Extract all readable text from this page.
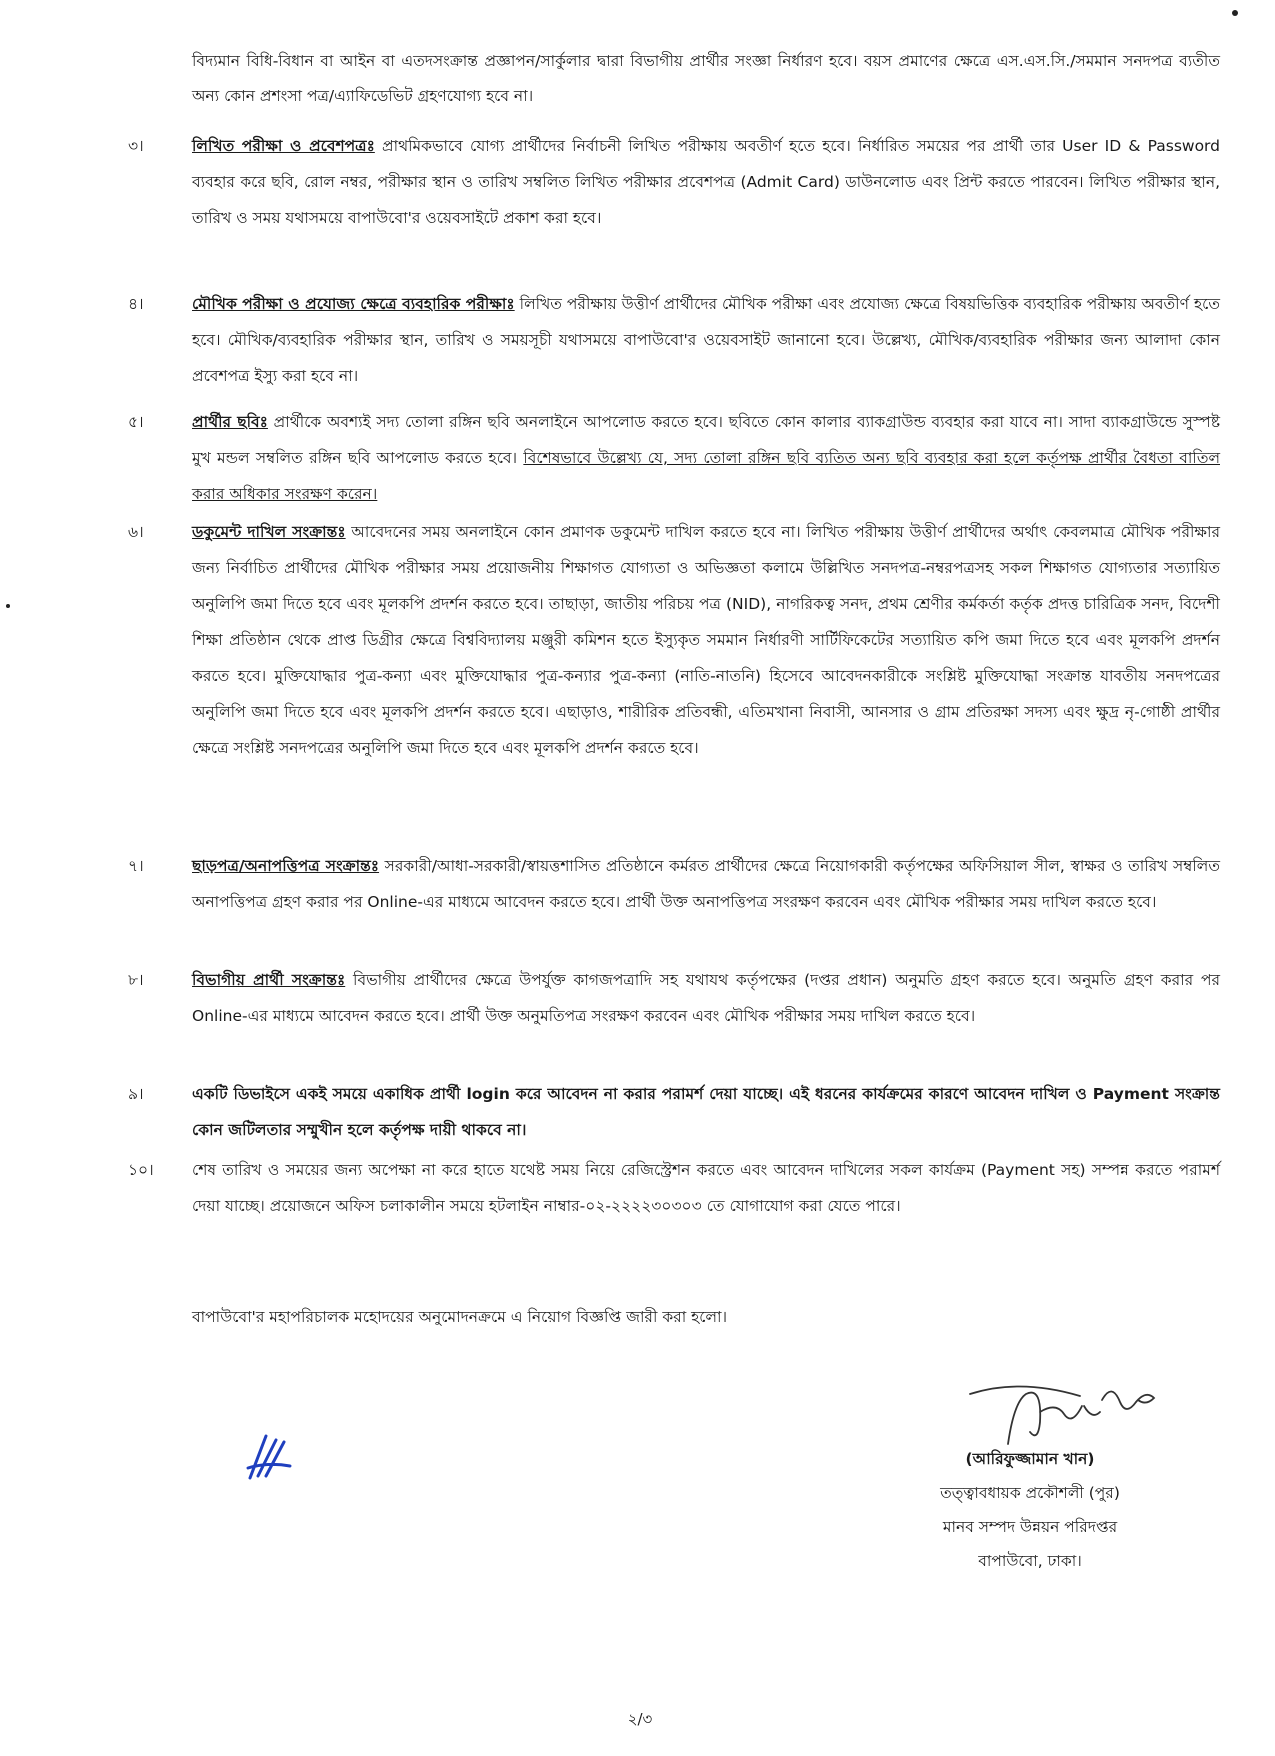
বিদ্যমান বিধি-বিধান বা আইন বা এতদসংক্রান্ত প্রজ্ঞাপন/সার্কুলার দ্বারা বিভাগীয় প্রার্থীর সংজ্ঞা নির্ধারণ হবে। বয়স প্রমাণের ক্ষেত্রে এস.এস.সি./সমমান সনদপত্র ব্যতীত অন্য কোন প্রশংসা পত্র/এ্যাফিডেভিট গ্রহণযোগ্য হবে না।

৩।	লিখিত পরীক্ষা ও প্রবেশপত্রঃ প্রাথমিকভাবে যোগ্য প্রার্থীদের নির্বাচনী লিখিত পরীক্ষায় অবতীর্ণ হতে হবে। নির্ধারিত সময়ের পর প্রার্থী তার User ID & Password ব্যবহার করে ছবি, রোল নম্বর, পরীক্ষার স্থান ও তারিখ সম্বলিত লিখিত পরীক্ষার প্রবেশপত্র (Admit Card) ডাউনলোড এবং প্রিন্ট করতে পারবেন। লিখিত পরীক্ষার স্থান, তারিখ ও সময় যথাসময়ে বাপাউবো'র ওয়েবসাইটে প্রকাশ করা হবে।
৪।	মৌখিক পরীক্ষা ও প্রযোজ্য ক্ষেত্রে ব্যবহারিক পরীক্ষাঃ লিখিত পরীক্ষায় উত্তীর্ণ প্রার্থীদের মৌখিক পরীক্ষা এবং প্রযোজ্য ক্ষেত্রে বিষয়ভিত্তিক ব্যবহারিক পরীক্ষায় অবতীর্ণ হতে হবে। মৌখিক/ব্যবহারিক পরীক্ষার স্থান, তারিখ ও সময়সূচী যথাসময়ে বাপাউবো'র ওয়েবসাইট জানানো হবে। উল্লেখ্য, মৌখিক/ব্যবহারিক পরীক্ষার জন্য আলাদা কোন প্রবেশপত্র ইস্যু করা হবে না।
৫।	প্রার্থীর ছবিঃ প্রার্থীকে অবশ্যই সদ্য তোলা রঙ্গিন ছবি অনলাইনে আপলোড করতে হবে। ছবিতে কোন কালার ব্যাকগ্রাউন্ড ব্যবহার করা যাবে না। সাদা ব্যাকগ্রাউন্ডে সুস্পষ্ট মুখ মন্ডল সম্বলিত রঙ্গিন ছবি আপলোড করতে হবে। বিশেষভাবে উল্লেখ্য যে, সদ্য তোলা রঙ্গিন ছবি ব্যতিত অন্য ছবি ব্যবহার করা হলে কর্তৃপক্ষ প্রার্থীর বৈধতা বাতিল করার অধিকার সংরক্ষণ করেন।
৬।	ডকুমেন্ট দাখিল সংক্রান্তঃ আবেদনের সময় অনলাইনে কোন প্রমাণক ডকুমেন্ট দাখিল করতে হবে না। লিখিত পরীক্ষায় উত্তীর্ণ প্রার্থীদের অর্থাৎ কেবলমাত্র মৌখিক পরীক্ষার জন্য নির্বাচিত প্রার্থীদের মৌখিক পরীক্ষার সময় প্রয়োজনীয় শিক্ষাগত যোগ্যতা ও অভিজ্ঞতা কলামে উল্লিখিত সনদপত্র-নম্বরপত্রসহ সকল শিক্ষাগত যোগ্যতার সত্যায়িত অনুলিপি জমা দিতে হবে এবং মূলকপি প্রদর্শন করতে হবে। তাছাড়া, জাতীয় পরিচয় পত্র (NID), নাগরিকত্ব সনদ, প্রথম শ্রেণীর কর্মকর্তা কর্তৃক প্রদত্ত চারিত্রিক সনদ, বিদেশী শিক্ষা প্রতিষ্ঠান থেকে প্রাপ্ত ডিগ্রীর ক্ষেত্রে বিশ্ববিদ্যালয় মঞ্জুরী কমিশন হতে ইস্যুকৃত সমমান নির্ধারণী সার্টিফিকেটের সত্যায়িত কপি জমা দিতে হবে এবং মূলকপি প্রদর্শন করতে হবে। মুক্তিযোদ্ধার পুত্র-কন্যা এবং মুক্তিযোদ্ধার পুত্র-কন্যার পুত্র-কন্যা (নাতি-নাতনি) হিসেবে আবেদনকারীকে সংশ্লিষ্ট মুক্তিযোদ্ধা সংক্রান্ত যাবতীয় সনদপত্রের অনুলিপি জমা দিতে হবে এবং মূলকপি প্রদর্শন করতে হবে। এছাড়াও, শারীরিক প্রতিবন্ধী, এতিমখানা নিবাসী, আনসার ও গ্রাম প্রতিরক্ষা সদস্য এবং ক্ষুদ্র নৃ-গোষ্ঠী প্রার্থীর ক্ষেত্রে সংশ্লিষ্ট সনদপত্রের অনুলিপি জমা দিতে হবে এবং মূলকপি প্রদর্শন করতে হবে।
৭।	ছাড়পত্র/অনাপত্তিপত্র সংক্রান্তঃ সরকারী/আধা-সরকারী/স্বায়ত্তশাসিত প্রতিষ্ঠানে কর্মরত প্রার্থীদের ক্ষেত্রে নিয়োগকারী কর্তৃপক্ষের অফিসিয়াল সীল, স্বাক্ষর ও তারিখ সম্বলিত অনাপত্তিপত্র গ্রহণ করার পর Online-এর মাধ্যমে আবেদন করতে হবে। প্রার্থী উক্ত অনাপত্তিপত্র সংরক্ষণ করবেন এবং মৌখিক পরীক্ষার সময় দাখিল করতে হবে।
৮।	বিভাগীয় প্রার্থী সংক্রান্তঃ বিভাগীয় প্রার্থীদের ক্ষেত্রে উপর্যুক্ত কাগজপত্রাদি সহ যথাযথ কর্তৃপক্ষের (দপ্তর প্রধান) অনুমতি গ্রহণ করতে হবে। অনুমতি গ্রহণ করার পর Online-এর মাধ্যমে আবেদন করতে হবে। প্রার্থী উক্ত অনুমতিপত্র সংরক্ষণ করবেন এবং মৌখিক পরীক্ষার সময় দাখিল করতে হবে।
৯।	একটি ডিভাইসে একই সময়ে একাধিক প্রার্থী login করে আবেদন না করার পরামর্শ দেয়া যাচ্ছে। এই ধরনের কার্যক্রমের কারণে আবেদন দাখিল ও Payment সংক্রান্ত কোন জটিলতার সম্মুখীন হলে কর্তৃপক্ষ দায়ী থাকবে না।
১০।	শেষ তারিখ ও সময়ের জন্য অপেক্ষা না করে হাতে যথেষ্ট সময় নিয়ে রেজিস্ট্রেশন করতে এবং আবেদন দাখিলের সকল কার্যক্রম (Payment সহ) সম্পন্ন করতে পরামর্শ দেয়া যাচ্ছে। প্রয়োজনে অফিস চলাকালীন সময়ে হটলাইন নাম্বার-০২-২২২২৩০৩০৩ তে যোগাযোগ করা যেতে পারে।

বাপাউবো'র মহাপরিচালক মহোদয়ের অনুমোদনক্রমে এ নিয়োগ বিজ্ঞপ্তি জারী করা হলো।

(আরিফুজ্জামান খান)
তত্ত্বাবধায়ক প্রকৌশলী (পুর)
মানব সম্পদ উন্নয়ন পরিদপ্তর
বাপাউবো, ঢাকা।
২/৩
